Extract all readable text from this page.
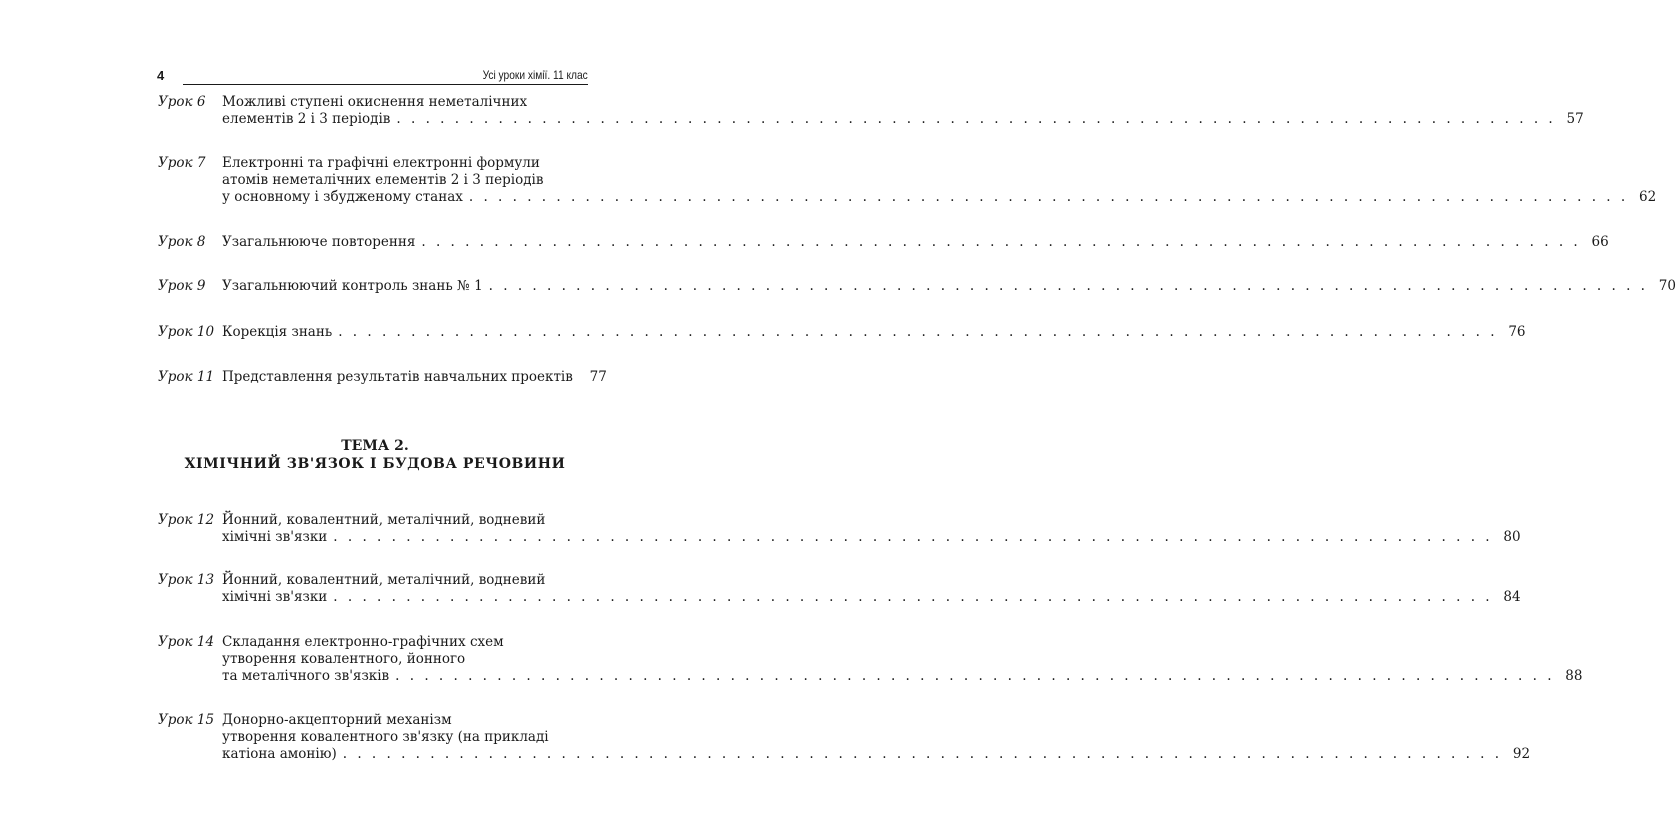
4	Усі уроки хімії. 11 клас
Урок 6 Можливі ступені окиснення неметалічних
елементів 2 і 3 періодів . . . . . . . . . . . . . . . . . . . . . . . . . . . . . . . . . . . . . . . . . . . . . . . . . . . . . . . . . . . . . . . . . . . . . . . . . . . . . . . . 57
Урок 7 Електронні та графічні електронні формули
атомів неметалічних елементів 2 і 3 періодів
у основному і збудженому станах . . . . . . . . . . . . . . . . . . . . . . . . . . . . . . . . . . . . . . . . . . . . . . . . . . . . . . . . . . . . . . . . . . . . . . . . . . . . . . . . 62
Урок 8 Узагальнююче повторення . . . . . . . . . . . . . . . . . . . . . . . . . . . . . . . . . . . . . . . . . . . . . . . . . . . . . . . . . . . . . . . . . . . . . . . . . . . . . . . . 66
Урок 9 Узагальнюючий контроль знань № 1 . . . . . . . . . . . . . . . . . . . . . . . . . . . . . . . . . . . . . . . . . . . . . . . . . . . . . . . . . . . . . . . . . . . . . . . . . . . . . . . . 70
Урок 10 Корекція знань . . . . . . . . . . . . . . . . . . . . . . . . . . . . . . . . . . . . . . . . . . . . . . . . . . . . . . . . . . . . . . . . . . . . . . . . . . . . . . . . 76
Урок 11 Представлення результатів навчальних проектів	77
Урок 12 Йонний, ковалентний, металічний, водневий
хімічні зв'язки . . . . . . . . . . . . . . . . . . . . . . . . . . . . . . . . . . . . . . . . . . . . . . . . . . . . . . . . . . . . . . . . . . . . . . . . . . . . . . . . 80
Урок 13 Йонний, ковалентний, металічний, водневий
хімічні зв'язки . . . . . . . . . . . . . . . . . . . . . . . . . . . . . . . . . . . . . . . . . . . . . . . . . . . . . . . . . . . . . . . . . . . . . . . . . . . . . . . . 84
Урок 14 Складання електронно-графічних схем
утворення ковалентного, йонного
та металічного зв'язків . . . . . . . . . . . . . . . . . . . . . . . . . . . . . . . . . . . . . . . . . . . . . . . . . . . . . . . . . . . . . . . . . . . . . . . . . . . . . . . . 88
Урок 15 Донорно-акцепторний механізм
утворення ковалентного зв'язку (на прикладі
катіона амонію) . . . . . . . . . . . . . . . . . . . . . . . . . . . . . . . . . . . . . . . . . . . . . . . . . . . . . . . . . . . . . . . . . . . . . . . . . . . . . . . . 92
ТЕМА 2.
ХІМІЧНИЙ ЗВ'ЯЗОК І БУДОВА РЕЧОВИНИ
